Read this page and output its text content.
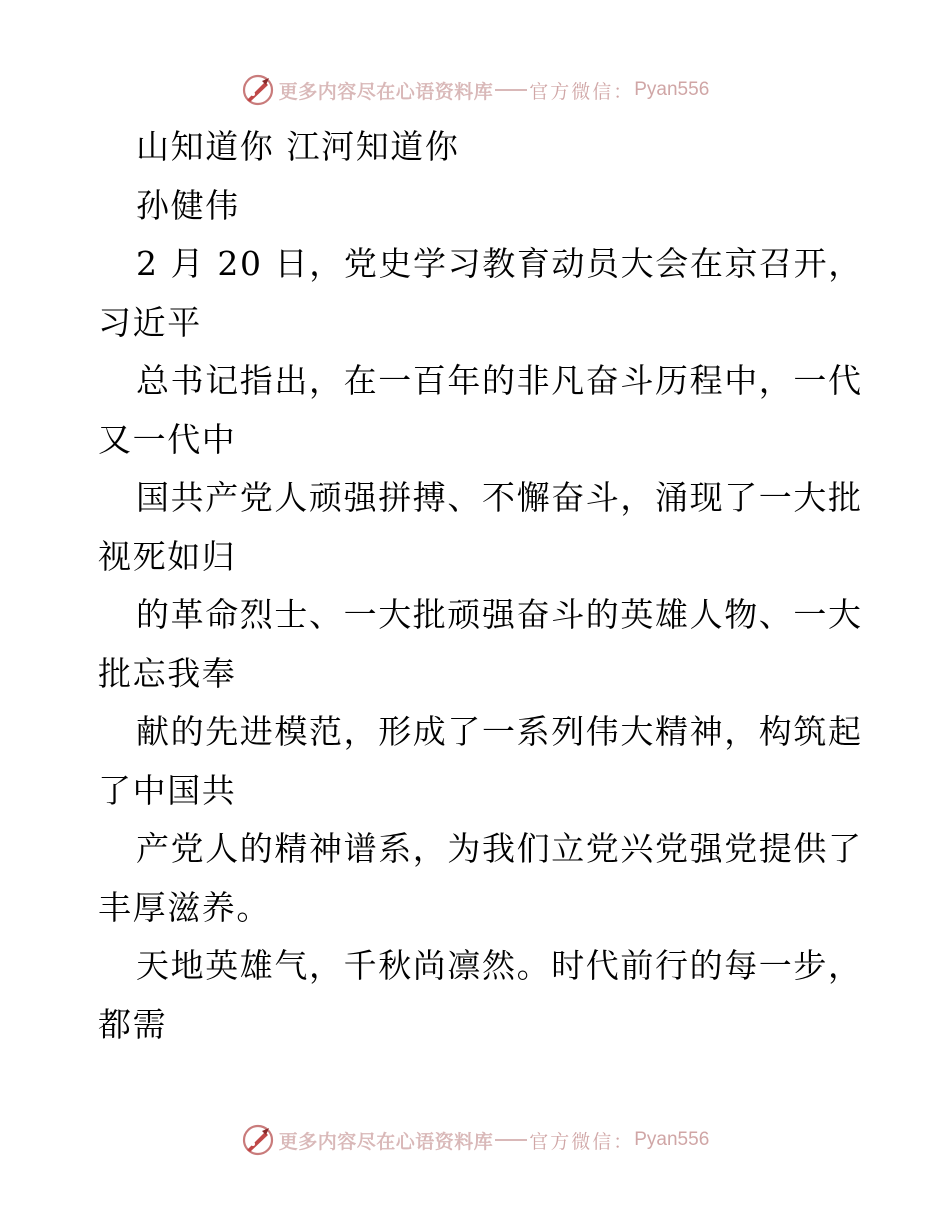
更多内容尽在心语资料库 官方微信： Pyan556
山知道你 江河知道你
孙健伟
2 月 20 日，党史学习教育动员大会在京召开，
习近平
总书记指出，在一百年的非凡奋斗历程中，一代
又一代中
国共产党人顽强拼搏、不懈奋斗，涌现了一大批
视死如归
的革命烈士、一大批顽强奋斗的英雄人物、一大
批忘我奉
献的先进模范，形成了一系列伟大精神，构筑起
了中国共
产党人的精神谱系，为我们立党兴党强党提供了
丰厚滋养。
天地英雄气，千秋尚凛然。时代前行的每一步，
都需
更多内容尽在心语资料库 官方微信： Pyan556
